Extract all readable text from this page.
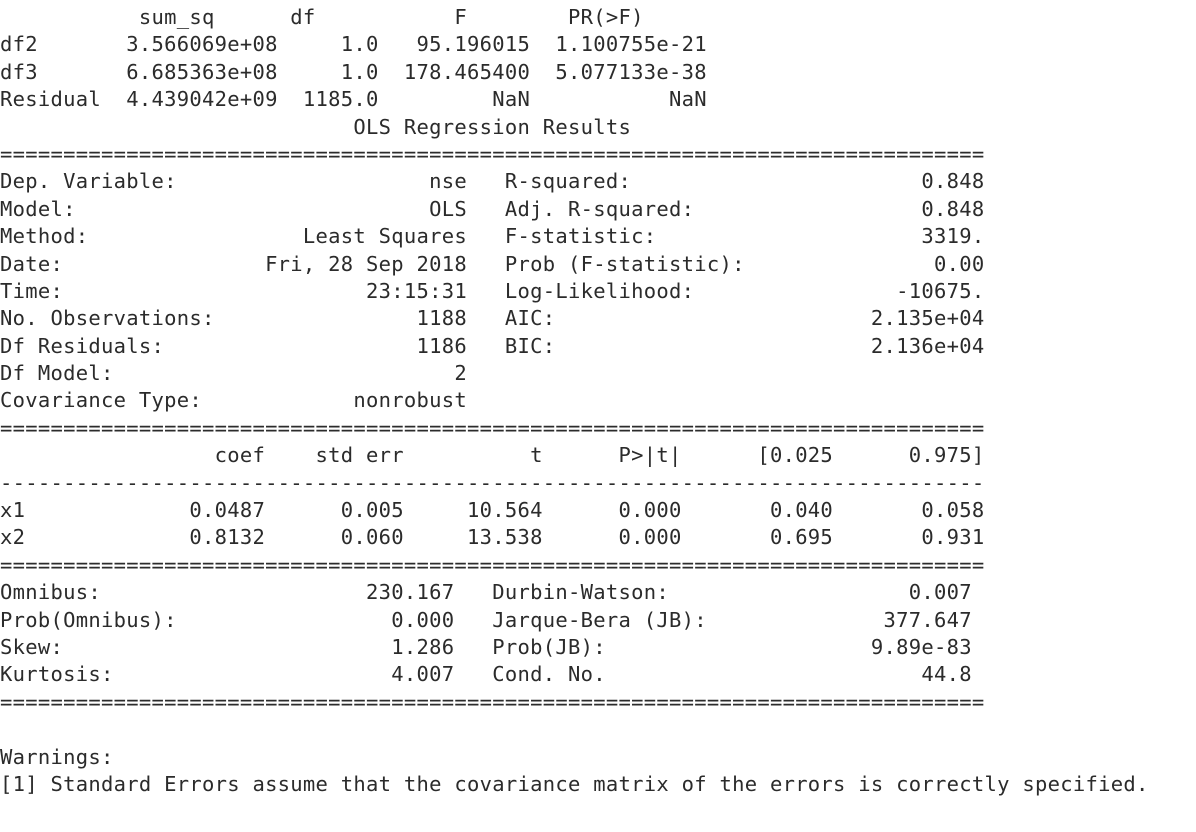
sum_sq      df           F        PR(>F)
df2       3.566069e+08     1.0   95.196015  1.100755e-21
df3       6.685363e+08     1.0  178.465400  5.077133e-38
Residual  4.439042e+09  1185.0         NaN           NaN
OLS Regression Results
==============================================================================
Dep. Variable:                    nse   R-squared:                       0.848
Model:                            OLS   Adj. R-squared:                  0.848
Method:                 Least Squares   F-statistic:                     3319.
Date:                Fri, 28 Sep 2018   Prob (F-statistic):               0.00
Time:                        23:15:31   Log-Likelihood:                -10675.
No. Observations:                1188   AIC:                         2.135e+04
Df Residuals:                    1186   BIC:                         2.136e+04
Df Model:                           2
Covariance Type:            nonrobust
==============================================================================
coef    std err          t      P>|t|      [0.025      0.975]
------------------------------------------------------------------------------
x1             0.0487      0.005     10.564      0.000       0.040       0.058
x2             0.8132      0.060     13.538      0.000       0.695       0.931
==============================================================================
Omnibus:                     230.167   Durbin-Watson:                   0.007
Prob(Omnibus):                 0.000   Jarque-Bera (JB):              377.647
Skew:                          1.286   Prob(JB):                     9.89e-83
Kurtosis:                      4.007   Cond. No.                         44.8
==============================================================================
Warnings:
[1] Standard Errors assume that the covariance matrix of the errors is correctly specified.
